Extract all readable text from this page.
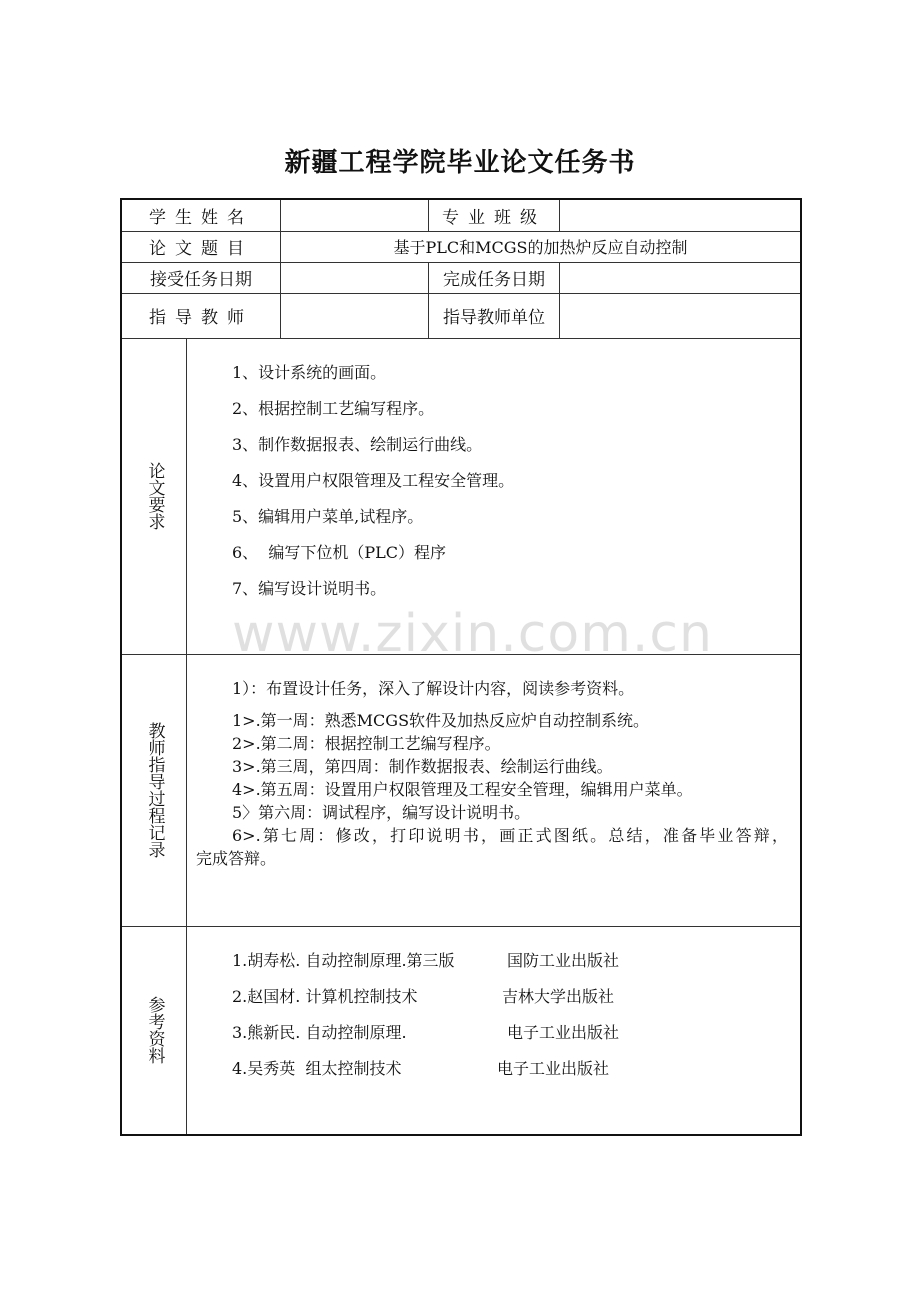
新疆工程学院毕业论文任务书
学生姓名	专业班级
论文题目	基于PLC和MCGS的加热炉反应自动控制
接受任务日期	完成任务日期
指导教师	指导教师单位
论文要求
1、设计系统的画面。
2、根据控制工艺编写程序。
3、制作数据报表、绘制运行曲线。
4、设置用户权限管理及工程安全管理。
5、编辑用户菜单,试程序。
6、  编写下位机（PLC）程序
7、编写设计说明书。
教师指导过程记录
1）：布置设计任务，深入了解设计内容，阅读参考资料。
1>.第一周：熟悉MCGS软件及加热反应炉自动控制系统。
2>.第二周：根据控制工艺编写程序。
3>.第三周，第四周：制作数据报表、绘制运行曲线。
4>.第五周：设置用户权限管理及工程安全管理，编辑用户菜单。
5〉第六周：调试程序，编写设计说明书。
6>.第七周：修改，打印说明书，画正式图纸。总结，准备毕业答辩，
完成答辩。
参考资料
1.胡寿松. 自动控制原理.第三版	国防工业出版社
2.赵国材. 计算机控制技术	吉林大学出版社
3.熊新民. 自动控制原理.	电子工业出版社
4.吴秀英  组太控制技术	电子工业出版社
www.zixin.com.cn
